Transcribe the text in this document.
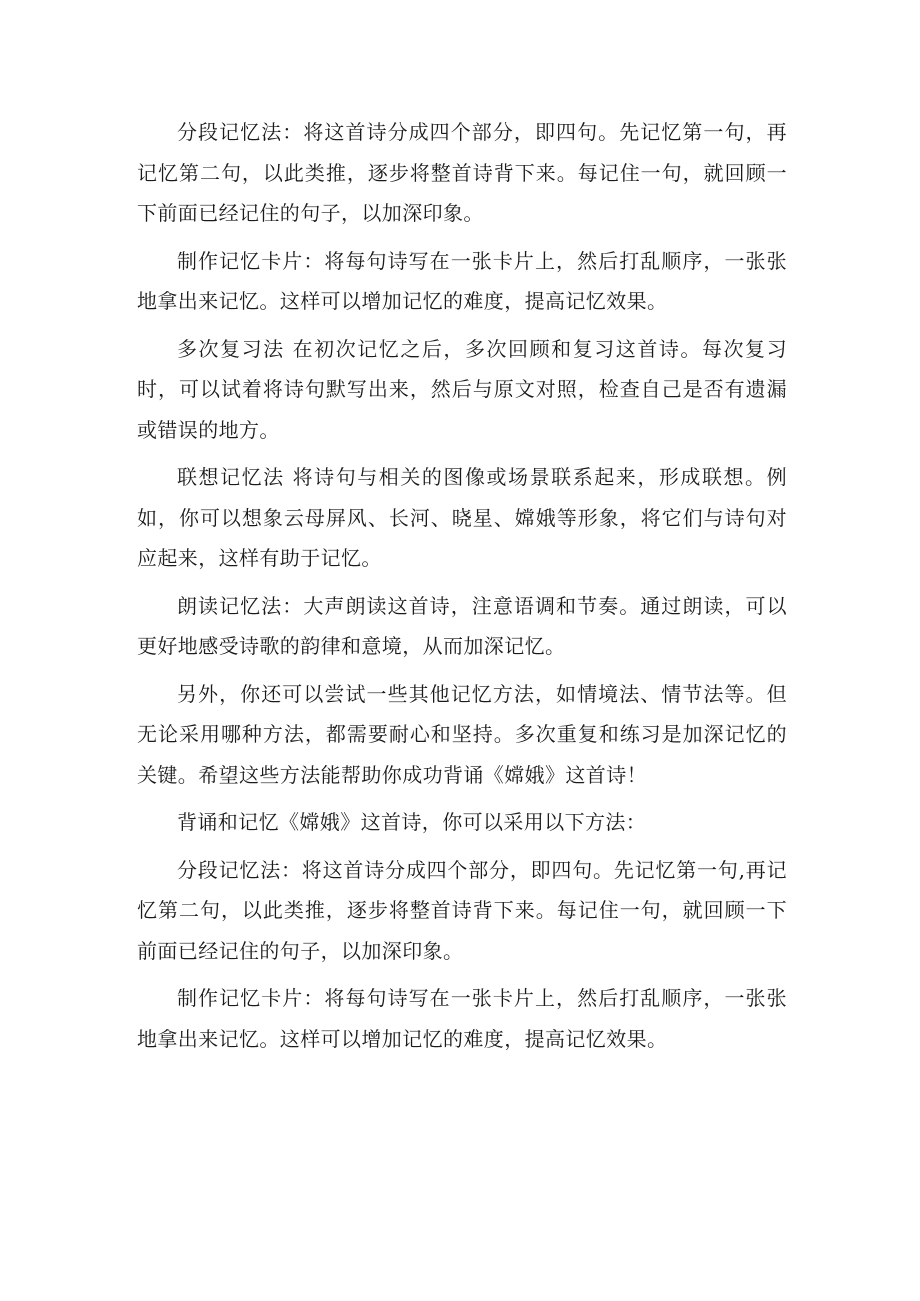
分段记忆法：将这首诗分成四个部分，即四句。先记忆第一句，再记忆第二句，以此类推，逐步将整首诗背下来。每记住一句，就回顾一下前面已经记住的句子，以加深印象。

制作记忆卡片：将每句诗写在一张卡片上，然后打乱顺序，一张张地拿出来记忆。这样可以增加记忆的难度，提高记忆效果。

多次复习法 在初次记忆之后，多次回顾和复习这首诗。每次复习时，可以试着将诗句默写出来，然后与原文对照，检查自己是否有遗漏或错误的地方。

联想记忆法 将诗句与相关的图像或场景联系起来，形成联想。例如，你可以想象云母屏风、长河、晓星、嫦娥等形象，将它们与诗句对应起来，这样有助于记忆。

朗读记忆法：大声朗读这首诗，注意语调和节奏。通过朗读，可以更好地感受诗歌的韵律和意境，从而加深记忆。

另外，你还可以尝试一些其他记忆方法，如情境法、情节法等。但无论采用哪种方法，都需要耐心和坚持。多次重复和练习是加深记忆的关键。希望这些方法能帮助你成功背诵《嫦娥》这首诗！

背诵和记忆《嫦娥》这首诗，你可以采用以下方法：

分段记忆法：将这首诗分成四个部分，即四句。先记忆第一句,再记忆第二句，以此类推，逐步将整首诗背下来。每记住一句，就回顾一下前面已经记住的句子，以加深印象。

制作记忆卡片：将每句诗写在一张卡片上，然后打乱顺序，一张张地拿出来记忆。这样可以增加记忆的难度，提高记忆效果。
